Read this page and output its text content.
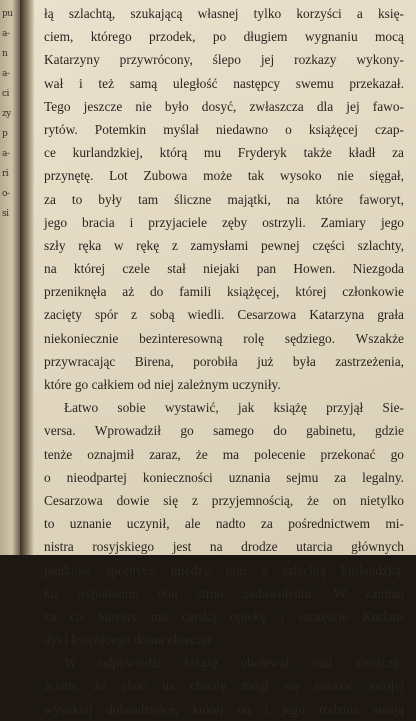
pu
a-
n
a-
ci
zy
p
a-
ri
o-
si
łą szlachtą, szukającą własnej tylko korzyści a księ-
ciem, którego przodek, po długiem wygnaniu mocą
Katarzyny przywrócony, ślepo jej rozkazy wykony-
wał i też samą uległość następcy swemu przekazał.
Tego jeszcze nie było dosyć, zwłaszcza dla jej fawo-
rytów. Potemkin myślał niedawno o książęcej czap-
ce kurlandzkiej, którą mu Fryderyk także kładł za
przynętę. Lot Zubowa może tak wysoko nie sięgał,
za to były tam śliczne majątki, na które faworyt,
jego bracia i przyjaciele zęby ostrzyli. Zamiary jego
szły ręka w rękę z zamysłami pewnej części szlachty,
na której czele stał niejaki pan Howen. Niezgoda
przeniknęła aż do famili książęcej, której członkowie
zacięty spór z sobą wiedli. Cesarzowa Katarzyna grała
niekoniecznie bezinteresowną rolę sędziego. Wszakże
przywracając Birena, porobiła już była zastrzeżenia,
które go całkiem od niej zależnym uczyniły.
Łatwo sobie wystawić, jak książę przyjął Sie-
versa. Wprowadził go samego do gabinetu, gdzie
tenże oznajmił zaraz, że ma polecenie przekonać go
o nieodpartej konieczności uznania sejmu za legalny.
Cesarzowa dowie się z przyjemnością, że on nietylko
to uznanie uczynił, ale nadto za pośrednictwem mi-
nistra rosyjskiego jest na drodze utarcia głównych
punktów spornych między nim a szlachtą kurlandzką,
ku wspólnemu obu stron zadowoleniu. W zamian
za co Sievers mu carską opiekę i szczęście Kurlan-
dyi i książęcego domu obiecuje.
W odpowiedzi książę ubolewał nad nieszczę-
ściem, że choć na chwilę mógł się narazić swojej
wysokiej dobrodziejce, której on i jego rodzina swoją
